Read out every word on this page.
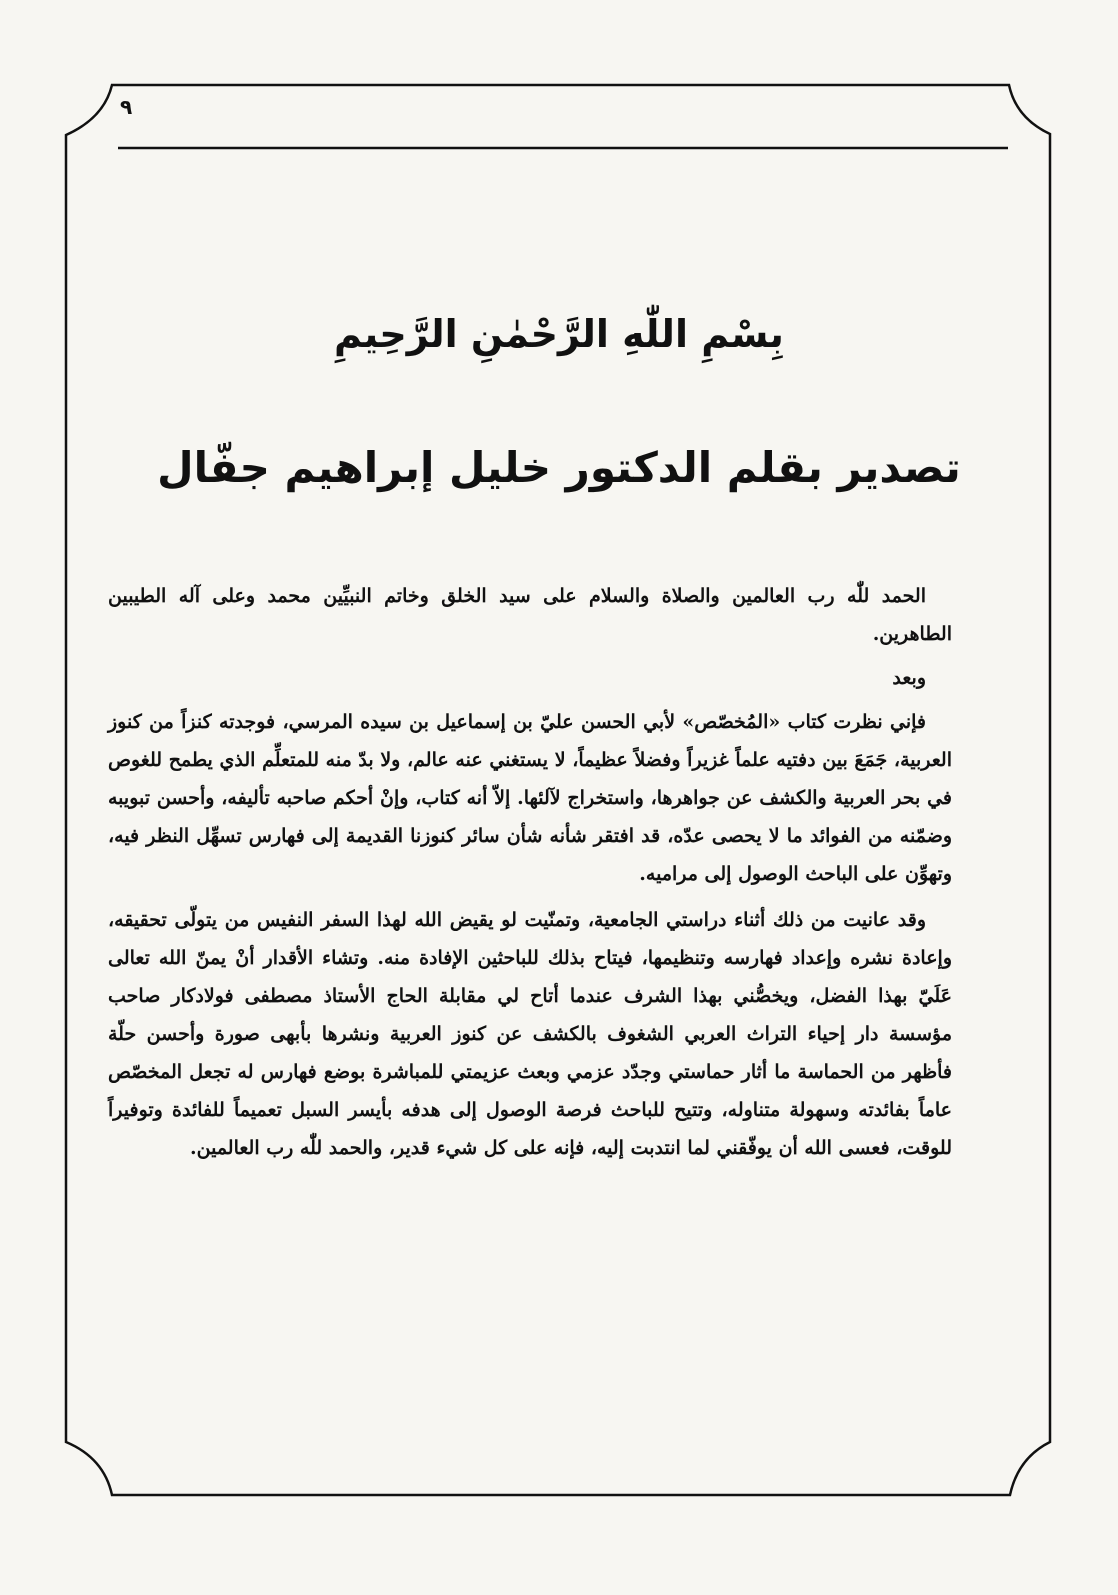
٩
بِسْمِ اللّٰهِ الرَّحْمٰنِ الرَّحِيمِ
تصدير بقلم الدكتور خليل إبراهيم جفّال

الحمد للّٰه رب العالمين والصلاة والسلام على سيد الخلق وخاتم النبيِّين محمد وعلى آله الطيبين الطاهرين.

وبعد

فإني نظرت كتاب «المُخصّص» لأبي الحسن عليّ بن إسماعيل بن سيده المرسي، فوجدته كنزاً من كنوز العربية، جَمَعَ بين دفتيه علماً غزيراً وفضلاً عظيماً، لا يستغني عنه عالم، ولا بدّ منه للمتعلِّم الذي يطمح للغوص في بحر العربية والكشف عن جواهرها، واستخراج لآلئها. إلاّ أنه كتاب، وإنْ أحكم صاحبه تأليفه، وأحسن تبويبه وضمّنه من الفوائد ما لا يحصى عدّه، قد افتقر شأنه شأن سائر كنوزنا القديمة إلى فهارس تسهِّل النظر فيه، وتهوِّن على الباحث الوصول إلى مراميه.

وقد عانيت من ذلك أثناء دراستي الجامعية، وتمنّيت لو يقيض الله لهذا السفر النفيس من يتولّى تحقيقه، وإعادة نشره وإعداد فهارسه وتنظيمها، فيتاح بذلك للباحثين الإفادة منه. وتشاء الأقدار أنْ يمنّ الله تعالى عَلَيّ بهذا الفضل، ويخصُّني بهذا الشرف عندما أتاح لي مقابلة الحاج الأستاذ مصطفى فولادكار صاحب مؤسسة دار إحياء التراث العربي الشغوف بالكشف عن كنوز العربية ونشرها بأبهى صورة وأحسن حلّة فأظهر من الحماسة ما أثار حماستي وجدّد عزمي وبعث عزيمتي للمباشرة بوضع فهارس له تجعل المخصّص عاماً بفائدته وسهولة متناوله، وتتيح للباحث فرصة الوصول إلى هدفه بأيسر السبل تعميماً للفائدة وتوفيراً للوقت، فعسى الله أن يوفّقني لما انتدبت إليه، فإنه على كل شيء قدير، والحمد للّٰه رب العالمين.
